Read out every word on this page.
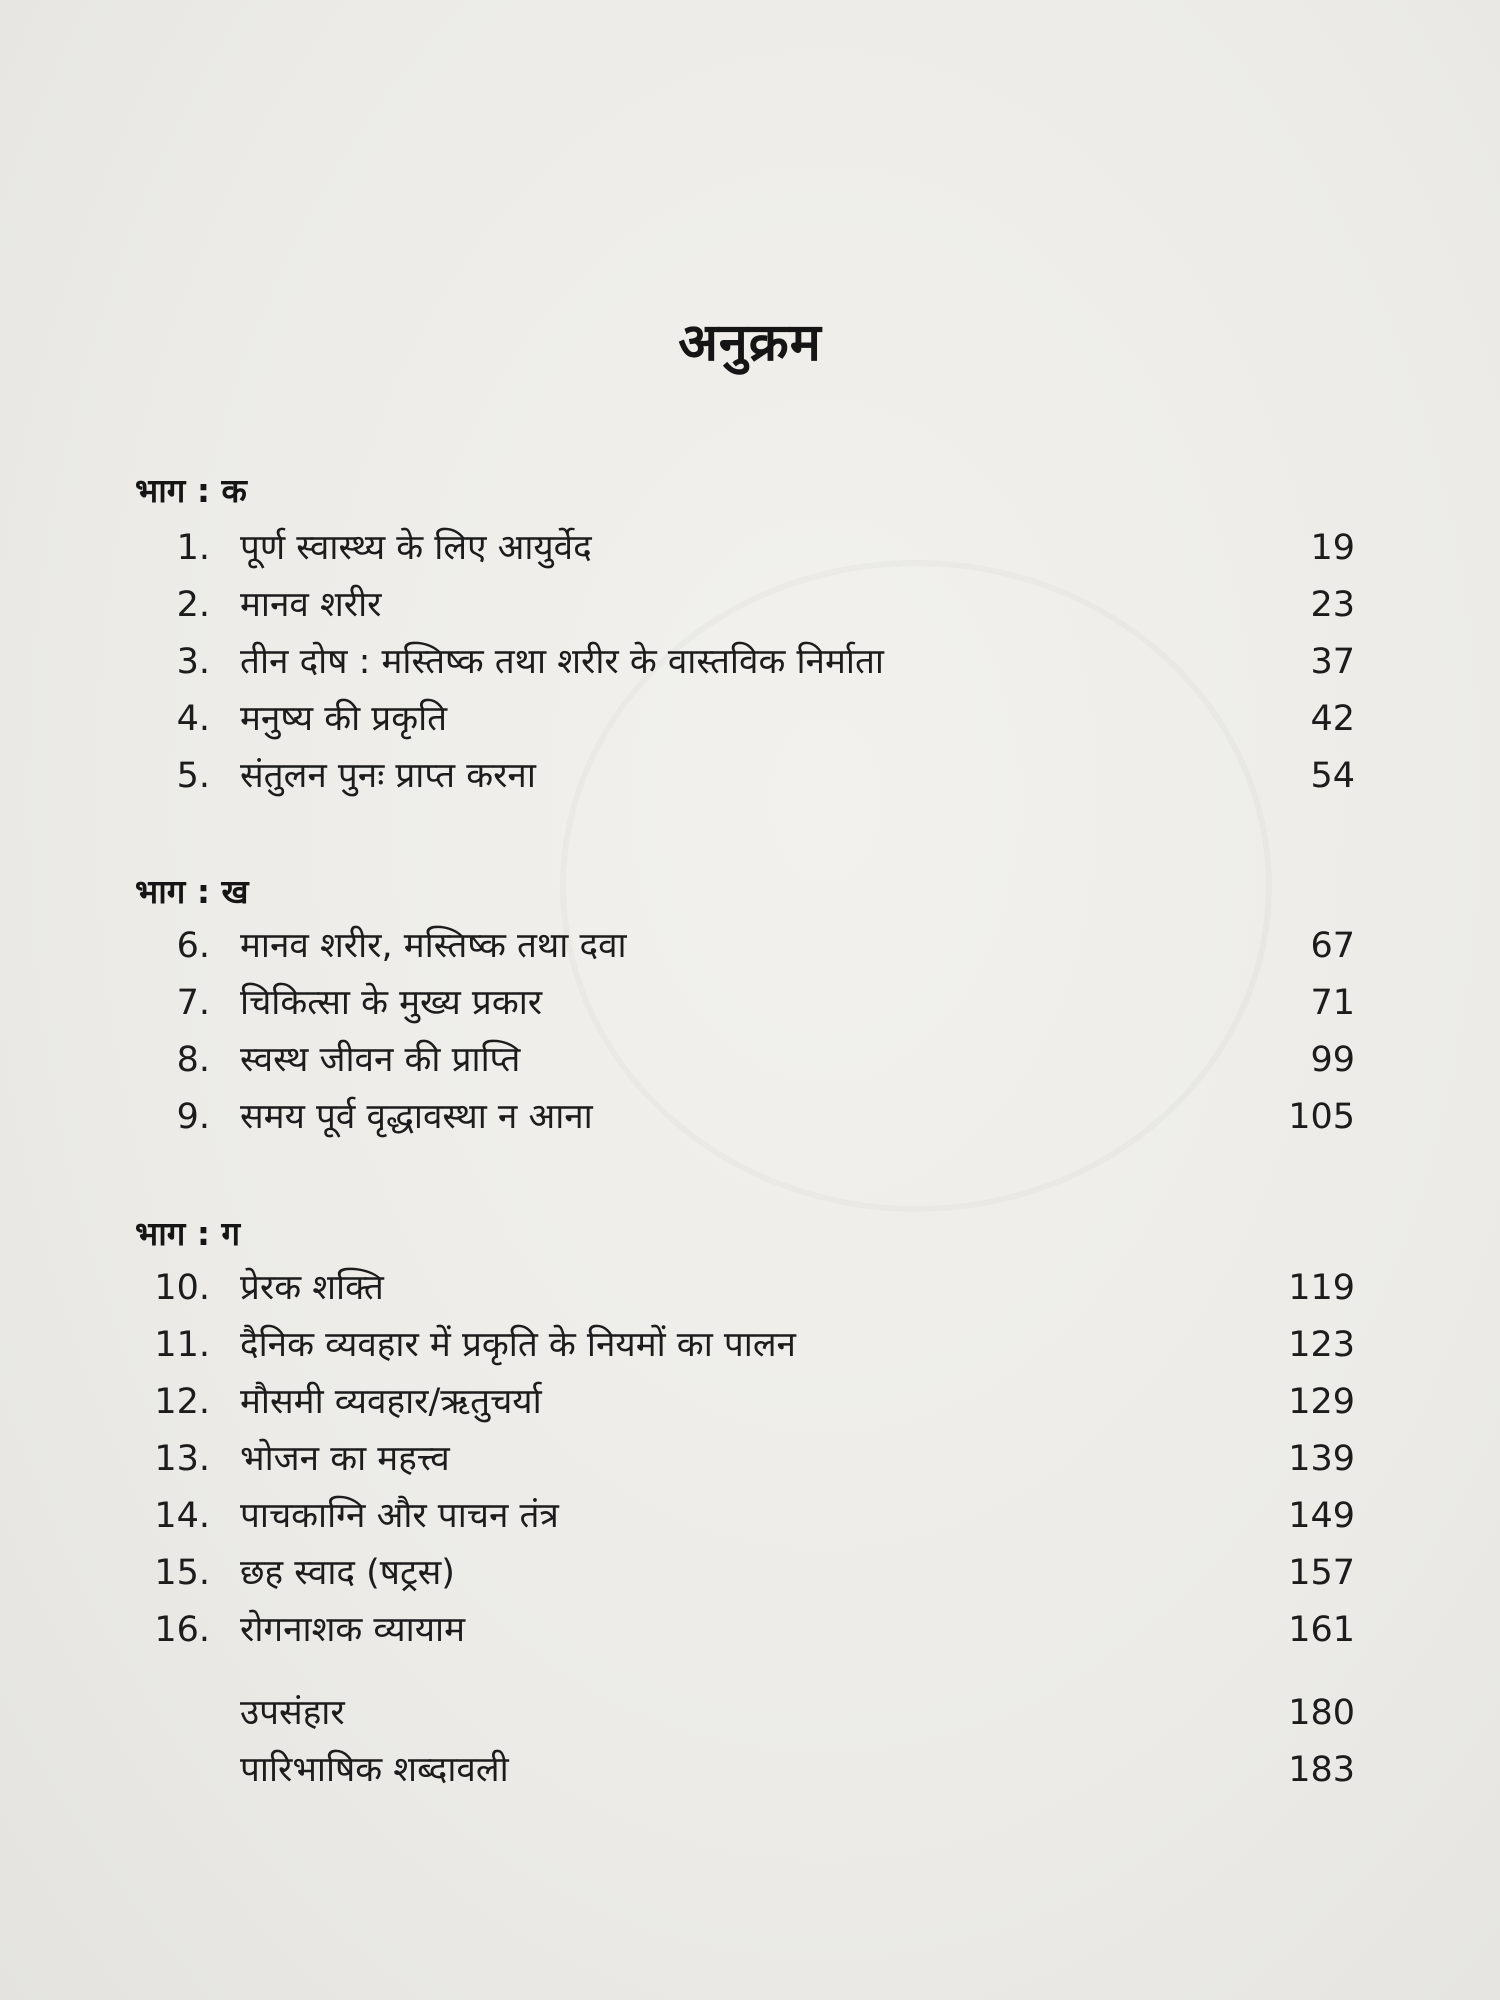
अनुक्रम
भाग : क
1. पूर्ण स्वास्थ्य के लिए आयुर्वेद	19
2. मानव शरीर	23
3. तीन दोष : मस्तिष्क तथा शरीर के वास्तविक निर्माता	37
4. मनुष्य की प्रकृति	42
5. संतुलन पुनः प्राप्त करना	54
भाग : ख
6. मानव शरीर, मस्तिष्क तथा दवा	67
7. चिकित्सा के मुख्य प्रकार	71
8. स्वस्थ जीवन की प्राप्ति	99
9. समय पूर्व वृद्धावस्था न आना	105
भाग : ग
10. प्रेरक शक्ति	119
11. दैनिक व्यवहार में प्रकृति के नियमों का पालन	123
12. मौसमी व्यवहार/ऋतुचर्या	129
13. भोजन का महत्त्व	139
14. पाचकाग्नि और पाचन तंत्र	149
15. छह स्वाद (षट्रस)	157
16. रोगनाशक व्यायाम	161
उपसंहार	180
पारिभाषिक शब्दावली	183
